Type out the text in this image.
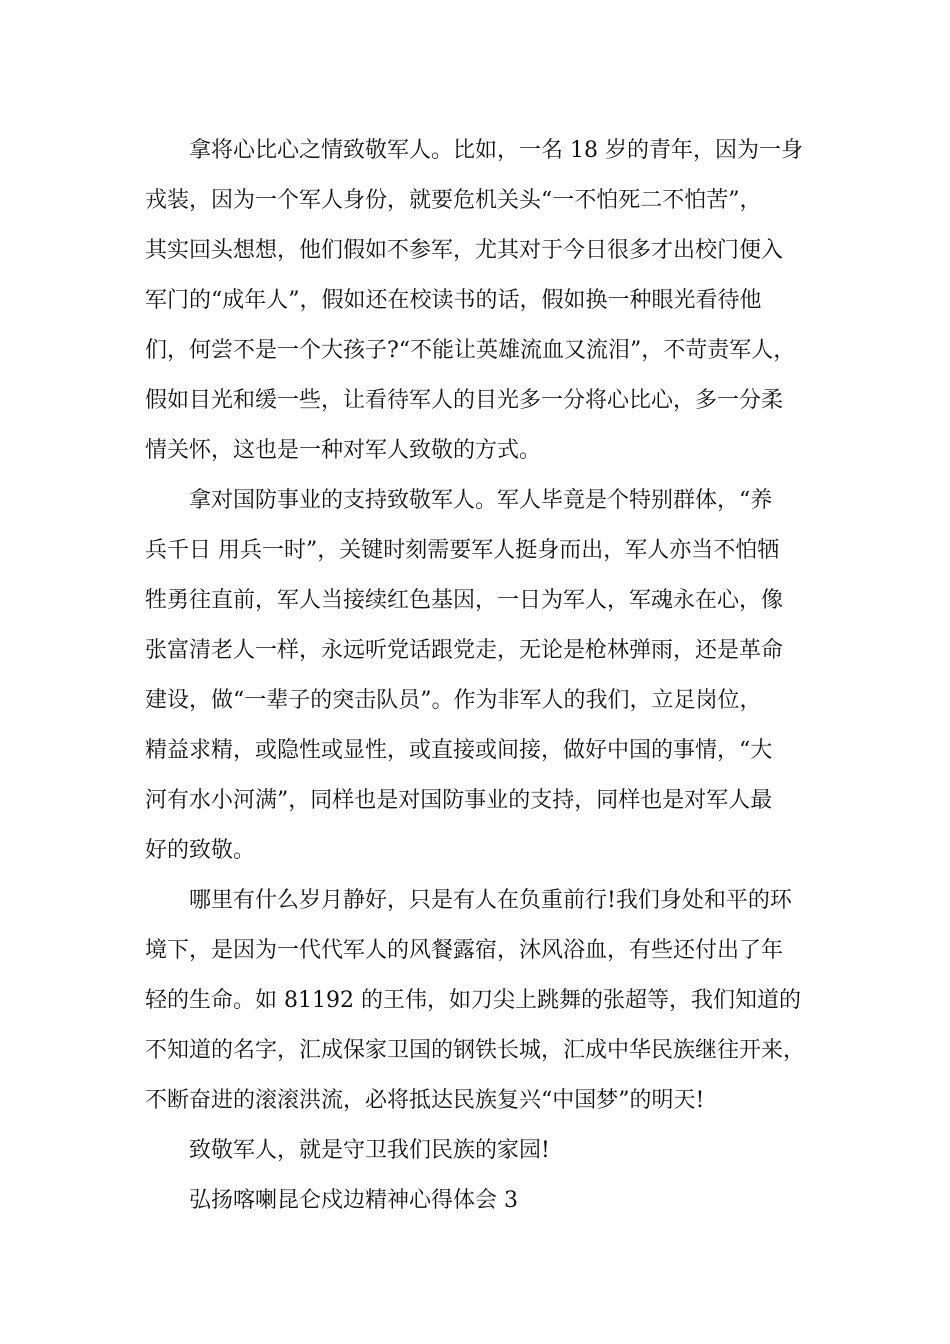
拿将心比心之情致敬军人。比如，一名 18 岁的青年，因为一身
戎装，因为一个军人身份，就要危机关头“一不怕死二不怕苦”，
其实回头想想，他们假如不参军，尤其对于今日很多才出校门便入
军门的“成年人”，假如还在校读书的话，假如换一种眼光看待他
们，何尝不是一个大孩子?“不能让英雄流血又流泪”，不苛责军人，
假如目光和缓一些，让看待军人的目光多一分将心比心，多一分柔
情关怀，这也是一种对军人致敬的方式。
拿对国防事业的支持致敬军人。军人毕竟是个特别群体，“养
兵千日 用兵一时”，关键时刻需要军人挺身而出，军人亦当不怕牺
牲勇往直前，军人当接续红色基因，一日为军人，军魂永在心，像
张富清老人一样，永远听党话跟党走，无论是枪林弹雨，还是革命
建设，做“一辈子的突击队员”。作为非军人的我们，立足岗位，
精益求精，或隐性或显性，或直接或间接，做好中国的事情，“大
河有水小河满”，同样也是对国防事业的支持，同样也是对军人最
好的致敬。
哪里有什么岁月静好，只是有人在负重前行!我们身处和平的环
境下，是因为一代代军人的风餐露宿，沐风浴血，有些还付出了年
轻的生命。如 81192 的王伟，如刀尖上跳舞的张超等，我们知道的
不知道的名字，汇成保家卫国的钢铁长城，汇成中华民族继往开来，
不断奋进的滚滚洪流，必将抵达民族复兴“中国梦”的明天!
致敬军人，就是守卫我们民族的家园!
弘扬喀喇昆仑戍边精神心得体会 3
